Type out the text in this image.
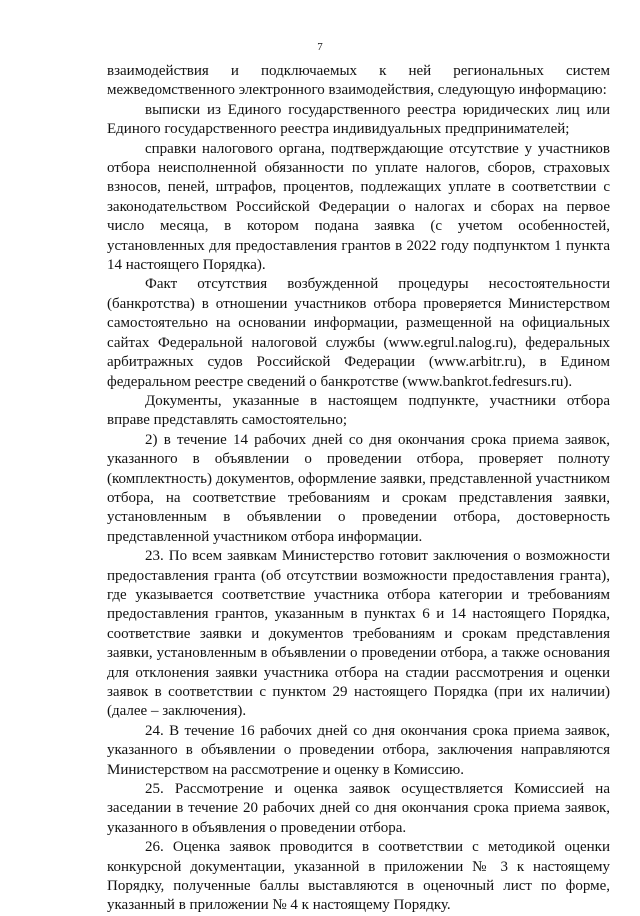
7

взаимодействия и подключаемых к ней региональных систем межведомственного электронного взаимодействия, следующую информацию:

выписки из Единого государственного реестра юридических лиц или Единого государственного реестра индивидуальных предпринимателей;

справки налогового органа, подтверждающие отсутствие у участников отбора неисполненной обязанности по уплате налогов, сборов, страховых взносов, пеней, штрафов, процентов, подлежащих уплате в соответствии с законодательством Российской Федерации о налогах и сборах на первое число месяца, в котором подана заявка (с учетом особенностей, установленных для предоставления грантов в 2022 году подпунктом 1 пункта 14 настоящего Порядка).

Факт отсутствия возбужденной процедуры несостоятельности (банкротства) в отношении участников отбора проверяется Министерством самостоятельно на основании информации, размещенной на официальных сайтах Федеральной налоговой службы (www.egrul.nalog.ru), федеральных арбитражных судов Российской Федерации (www.arbitr.ru), в Едином федеральном реестре сведений о банкротстве (www.bankrot.fedresurs.ru).

Документы, указанные в настоящем подпункте, участники отбора вправе представлять самостоятельно;

2) в течение 14 рабочих дней со дня окончания срока приема заявок, указанного в объявлении о проведении отбора, проверяет полноту (комплектность) документов, оформление заявки, представленной участником отбора, на соответствие требованиям и срокам представления заявки, установленным в объявлении о проведении отбора, достоверность представленной участником отбора информации.

23. По всем заявкам Министерство готовит заключения о возможности предоставления гранта (об отсутствии возможности предоставления гранта), где указывается соответствие участника отбора категории и требованиям предоставления грантов, указанным в пунктах 6 и 14 настоящего Порядка, соответствие заявки и документов требованиям и срокам представления заявки, установленным в объявлении о проведении отбора, а также основания для отклонения заявки участника отбора на стадии рассмотрения и оценки заявок в соответствии с пунктом 29 настоящего Порядка (при их наличии) (далее – заключения).

24. В течение 16 рабочих дней со дня окончания срока приема заявок, указанного в объявлении о проведении отбора, заключения направляются Министерством на рассмотрение и оценку в Комиссию.

25. Рассмотрение и оценка заявок осуществляется Комиссией на заседании в течение 20 рабочих дней со дня окончания срока приема заявок, указанного в объявления о проведении отбора.

26. Оценка заявок проводится в соответствии с методикой оценки конкурсной документации, указанной в приложении № 3 к настоящему Порядку, полученные баллы выставляются в оценочный лист по форме, указанный в приложении № 4 к настоящему Порядку.
